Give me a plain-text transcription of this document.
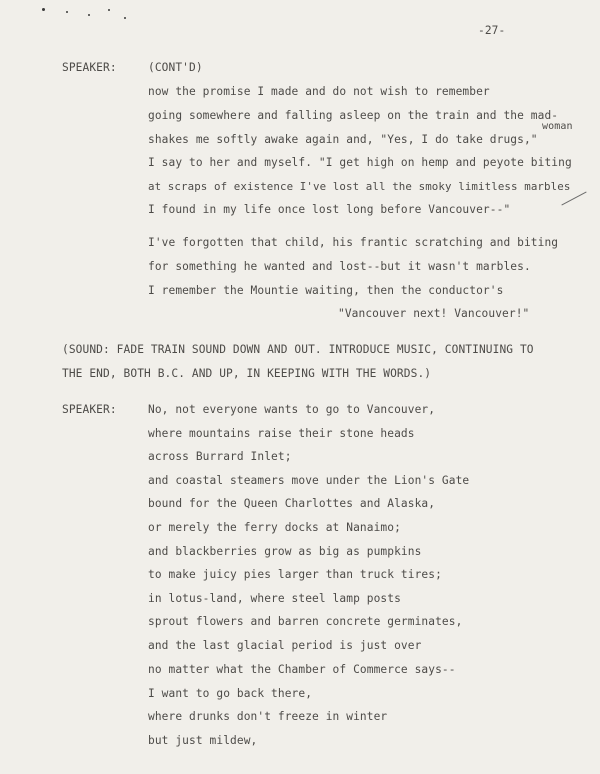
-27-
SPEAKER:	(CONT'D)
now the promise I made and do not wish to remember
going somewhere and falling asleep on the train and the mad-
woman
shakes me softly awake again and, "Yes, I do take drugs,"
I say to her and myself. "I get high on hemp and peyote biting
at scraps of existence I've lost all the smoky limitless marbles
I found in my life once lost long before Vancouver--"
I've forgotten that child, his frantic scratching and biting
for something he wanted and lost--but it wasn't marbles.
I remember the Mountie waiting, then the conductor's
"Vancouver next! Vancouver!"
(SOUND: FADE TRAIN SOUND DOWN AND OUT. INTRODUCE MUSIC, CONTINUING TO
THE END, BOTH B.C. AND UP, IN KEEPING WITH THE WORDS.)
SPEAKER:	No, not everyone wants to go to Vancouver,
where mountains raise their stone heads
across Burrard Inlet;
and coastal steamers move under the Lion's Gate
bound for the Queen Charlottes and Alaska,
or merely the ferry docks at Nanaimo;
and blackberries grow as big as pumpkins
to make juicy pies larger than truck tires;
in lotus-land, where steel lamp posts
sprout flowers and barren concrete germinates,
and the last glacial period is just over
no matter what the Chamber of Commerce says--
I want to go back there,
where drunks don't freeze in winter
but just mildew,
